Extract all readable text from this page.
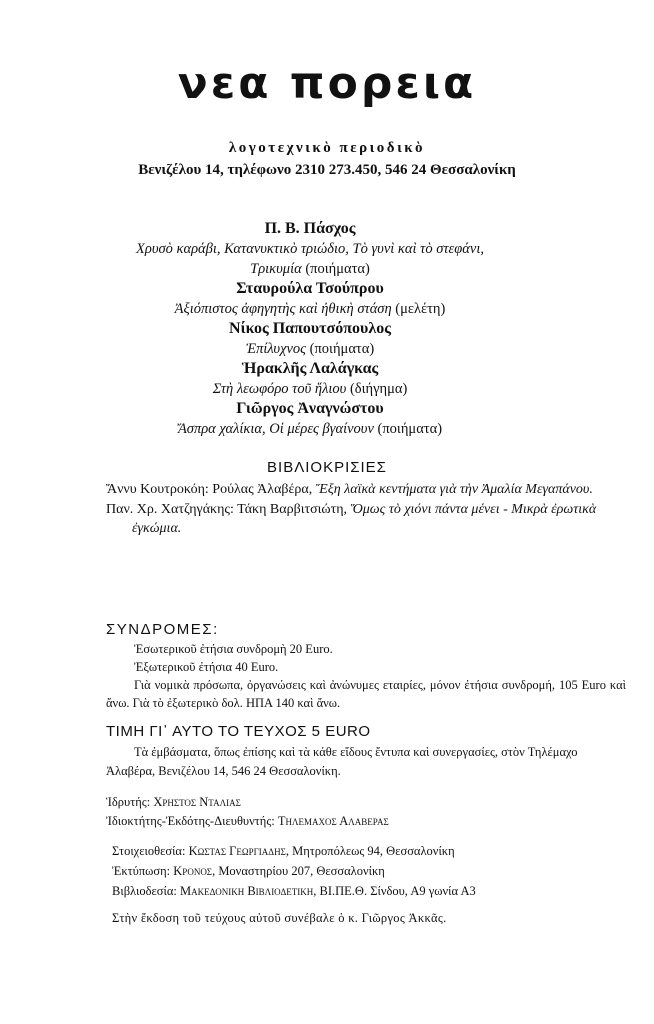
νεα πορεια
λογοτεχνικὸ περιοδικὸ
Βενιζέλου 14, τηλέφωνο 2310 273.450, 546 24 Θεσσαλονίκη
Π. Β. Πάσχος
Χρυσὸ καράβι, Κατανυκτικὸ τριώδιο, Τὸ γυνὶ καὶ τὸ στεφάνι,
Τρικυμία (ποιήματα)
Σταυρούλα Τσούπρου
Ἀξιόπιστος ἀφηγητὴς καὶ ἠθικὴ στάση (μελέτη)
Νίκος Παπουτσόπουλος
Ἐπίλυχνος (ποιήματα)
Ἡρακλῆς Λαλάγκας
Στὴ λεωφόρο τοῦ ἥλιου (διήγημα)
Γιῶργος Ἀναγνώστου
Ἄσπρα χαλίκια, Οἱ μέρες βγαίνουν (ποιήματα)
ΒΙΒΛΙΟΚΡΙΣΙΕΣ

Ἄννυ Κουτροκόη: Ρούλας Ἀλαβέρα, Ἔξη λαϊκὰ κεντήματα γιὰ τὴν Ἀμαλία Μεγαπάνου.

Παν. Χρ. Χατζηγάκης: Τάκη Βαρβιτσιώτη, Ὅμως τὸ χιόνι πάντα μένει - Μικρὰ ἐρωτικὰ ἐγκώμια.

ΣΥΝΔΡΟΜΕΣ:
Ἐσωτερικοῦ ἐτήσια συνδρομὴ 20 Euro.
Ἐξωτερικοῦ ἐτήσια 40 Euro.
Γιὰ νομικὰ πρόσωπα, ὀργανώσεις καὶ ἀνώνυμες εταιρίες, μόνον ἐτήσια συνδρομή, 105 Euro καὶ ἄνω. Γιὰ τὸ ἐξωτερικὸ δολ. ΗΠΑ 140 καὶ ἄνω.
ΤΙΜΗ ΓΙ᾿ ΑΥΤΟ ΤΟ ΤΕΥΧΟΣ 5 EURO
Τὰ ἐμβάσματα, ὅπως ἐπίσης καὶ τὰ κάθε εἴδους ἔντυπα καὶ συνεργασίες, στὸν Τηλέμαχο Ἀλαβέρα, Βενιζέλου 14, 546 24 Θεσσαλονίκη.
Ἱδρυτής: Χρηστος Νταλιας
Ἰδιοκτήτης-Ἐκδότης-Διευθυντής: Τηλεμαχος Αλαβερας
Στοιχειοθεσία: Κωστας Γεωργιαδης, Μητροπόλεως 94, Θεσσαλονίκη
Ἐκτύπωση: Κρονος, Μοναστηρίου 207, Θεσσαλονίκη
Βιβλιοδεσία: Μακεδονικη Βιβλιοδετικη, ΒΙ.ΠΕ.Θ. Σίνδου, Α9 γωνία Α3
Στὴν ἔκδοση τοῦ τεύχους αὐτοῦ συνέβαλε ὁ κ. Γιῶργος Ἀκκᾶς.
